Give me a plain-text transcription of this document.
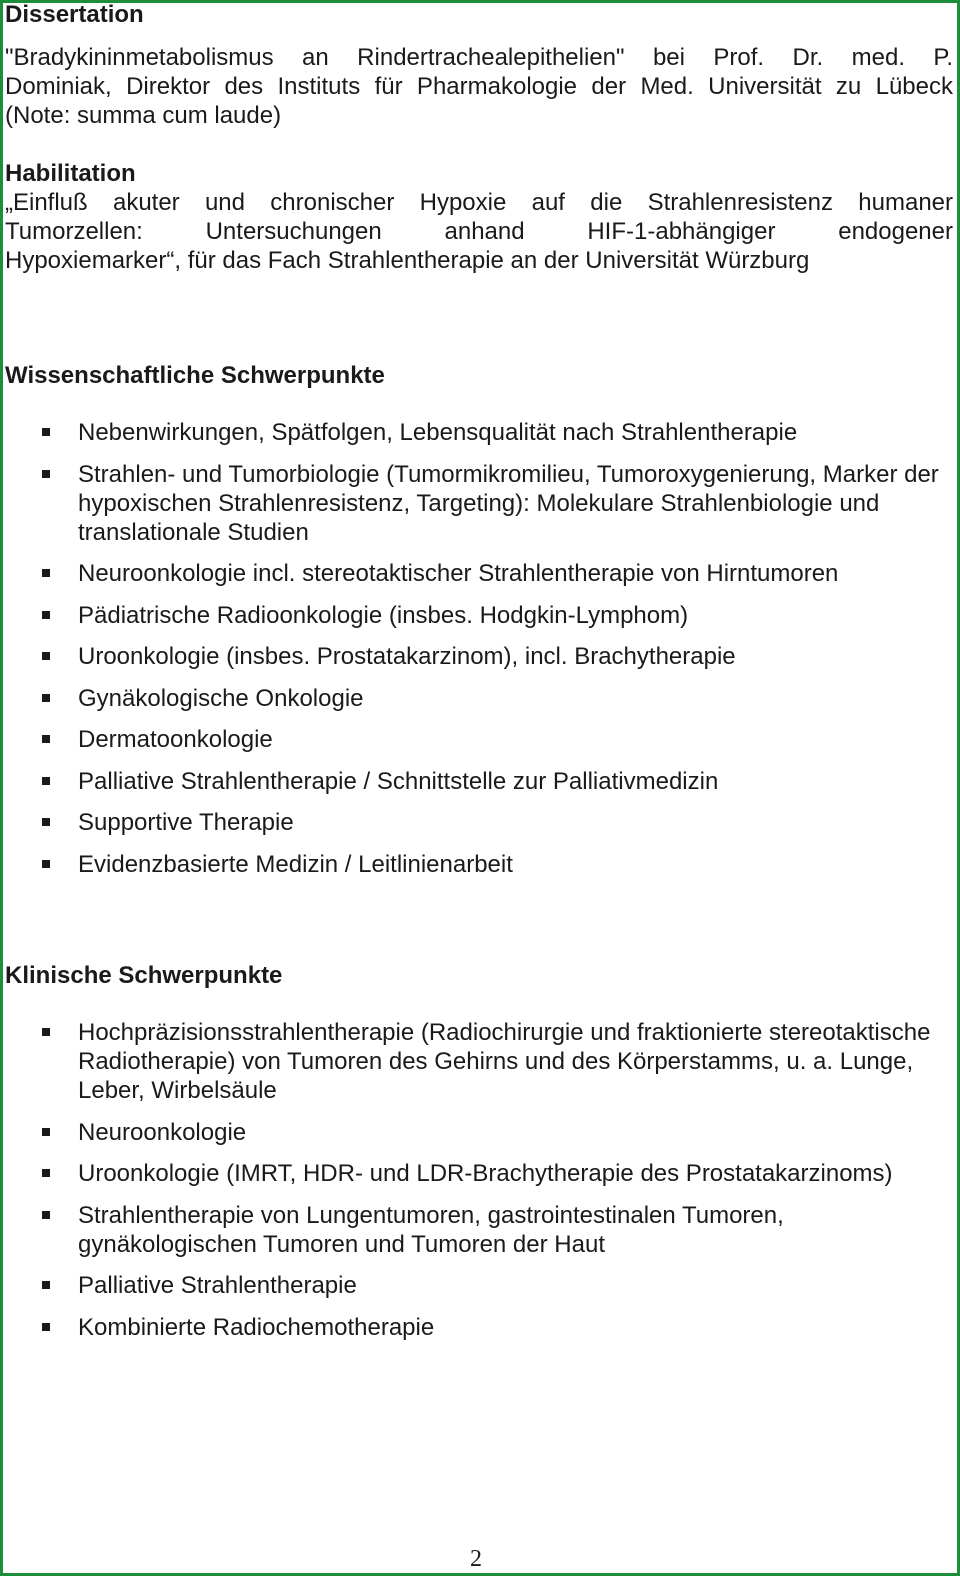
Dissertation
"Bradykininmetabolismus an Rindertrachealepithelien" bei Prof. Dr. med. P.
Dominiak, Direktor des Instituts für Pharmakologie der Med. Universität zu Lübeck
(Note: summa cum laude)
Habilitation
„Einfluß akuter und chronischer Hypoxie auf die Strahlenresistenz humaner
Tumorzellen: Untersuchungen anhand HIF-1-abhängiger endogener
Hypoxiemarker“, für das Fach Strahlentherapie an der Universität Würzburg
Wissenschaftliche Schwerpunkte
Nebenwirkungen, Spätfolgen, Lebensqualität nach Strahlentherapie
Strahlen- und Tumorbiologie (Tumormikromilieu, Tumoroxygenierung, Marker der hypoxischen Strahlenresistenz, Targeting): Molekulare Strahlenbiologie und translationale Studien
Neuroonkologie incl. stereotaktischer Strahlentherapie von Hirntumoren
Pädiatrische Radioonkologie (insbes. Hodgkin-Lymphom)
Uroonkologie (insbes. Prostatakarzinom), incl. Brachytherapie
Gynäkologische Onkologie
Dermatoonkologie
Palliative Strahlentherapie / Schnittstelle zur Palliativmedizin
Supportive Therapie
Evidenzbasierte Medizin / Leitlinienarbeit
Klinische Schwerpunkte
Hochpräzisionsstrahlentherapie (Radiochirurgie und fraktionierte stereotaktische Radiotherapie) von Tumoren des Gehirns und des Körperstamms, u. a. Lunge, Leber, Wirbelsäule
Neuroonkologie
Uroonkologie (IMRT, HDR- und LDR-Brachytherapie des Prostatakarzinoms)
Strahlentherapie von Lungentumoren, gastrointestinalen Tumoren, gynäkologischen Tumoren und Tumoren der Haut
Palliative Strahlentherapie
Kombinierte Radiochemotherapie
2
